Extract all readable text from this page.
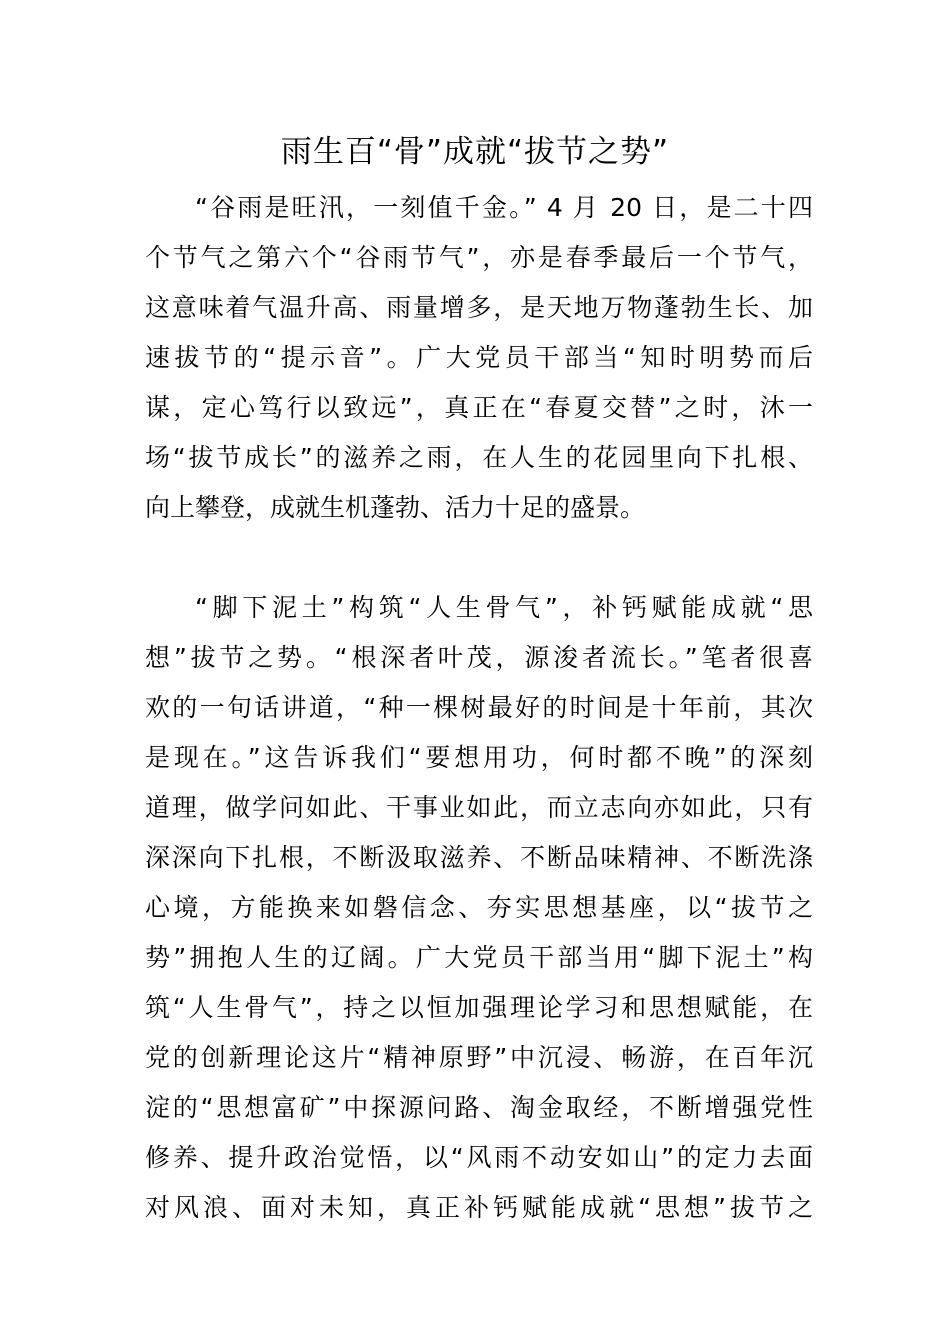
雨生百“骨”成就“拔节之势”

“谷雨是旺汛，一刻值千金。” 4 月 20 日，是二十四

个节气之第六个“谷雨节气”，亦是春季最后一个节气，

这意味着气温升高、雨量增多，是天地万物蓬勃生长、加

速拔节的“提示音”。广大党员干部当“知时明势而后

谋，定心笃行以致远”，真正在“春夏交替”之时，沐一

场“拔节成长”的滋养之雨，在人生的花园里向下扎根、

向上攀登，成就生机蓬勃、活力十足的盛景。

“脚下泥土”构筑“人生骨气”，补钙赋能成就“思

想”拔节之势。“根深者叶茂，源浚者流长。”笔者很喜

欢的一句话讲道，“种一棵树最好的时间是十年前，其次

是现在。”这告诉我们“要想用功，何时都不晚”的深刻

道理，做学问如此、干事业如此，而立志向亦如此，只有

深深向下扎根，不断汲取滋养、不断品味精神、不断洗涤

心境，方能换来如磐信念、夯实思想基座，以“拔节之

势”拥抱人生的辽阔。广大党员干部当用“脚下泥土”构

筑“人生骨气”，持之以恒加强理论学习和思想赋能，在

党的创新理论这片“精神原野”中沉浸、畅游，在百年沉

淀的“思想富矿”中探源问路、淘金取经，不断增强党性

修养、提升政治觉悟，以“风雨不动安如山”的定力去面

对风浪、面对未知，真正补钙赋能成就“思想”拔节之
